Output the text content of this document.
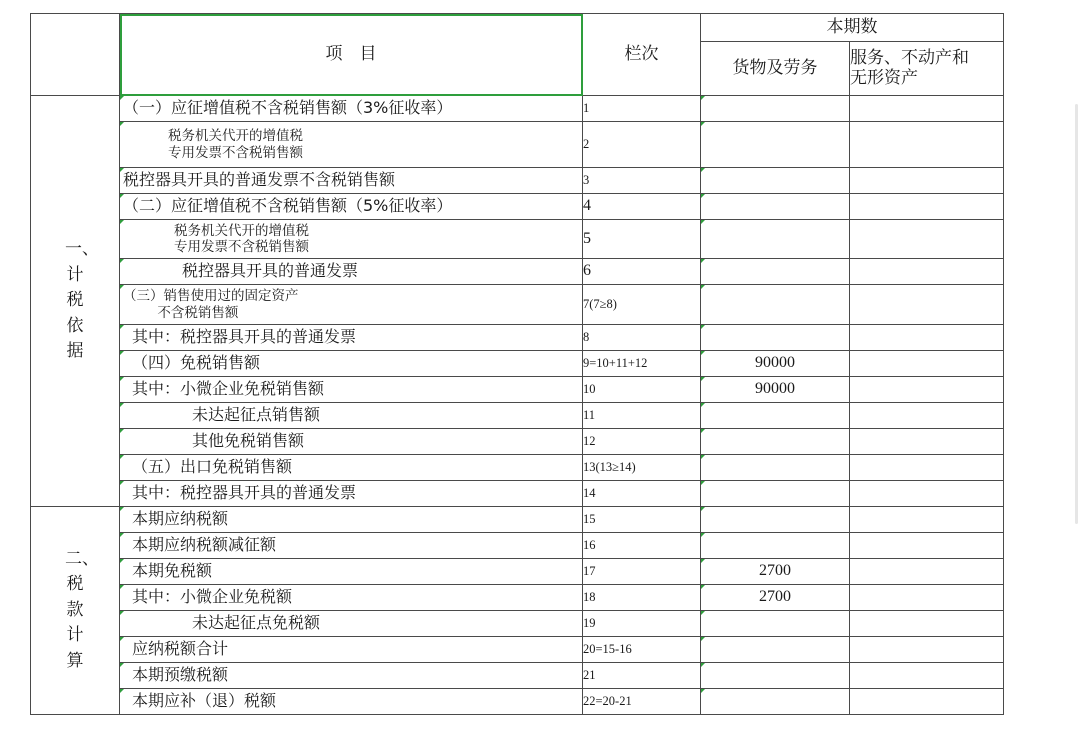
	项　目	栏次	本期数	
			货物及劳务	服务、不动产和
无形资产
一、计税依据	（一）应征增值税不含税销售额（3%征收率）	1	

	税务机关代开的增值税
专用发票不含税销售额	2	

	税控器具开具的普通发票不含税销售额	3	

	（二）应征增值税不含税销售额（5%征收率）	4	

	税务机关代开的增值税
专用发票不含税销售额	5	

	税控器具开具的普通发票	6	

	（三）销售使用过的固定资产
不含税销售额	7(7≥8)	

	其中：税控器具开具的普通发票	8	

	（四）免税销售额	9=10+11+12	90000	

	其中：小微企业免税销售额	10	90000	

	未达起征点销售额	11	

	其他免税销售额	12	

	（五）出口免税销售额	13(13≥14)	

	其中：税控器具开具的普通发票	14	

二、税款计算	本期应纳税额	15	

	本期应纳税额减征额	16	

	本期免税额	17	2700	

	其中：小微企业免税额	18	2700	

	未达起征点免税额	19	

	应纳税额合计	20=15-16	

	本期预缴税额	21	

	本期应补（退）税额	22=20-21	
